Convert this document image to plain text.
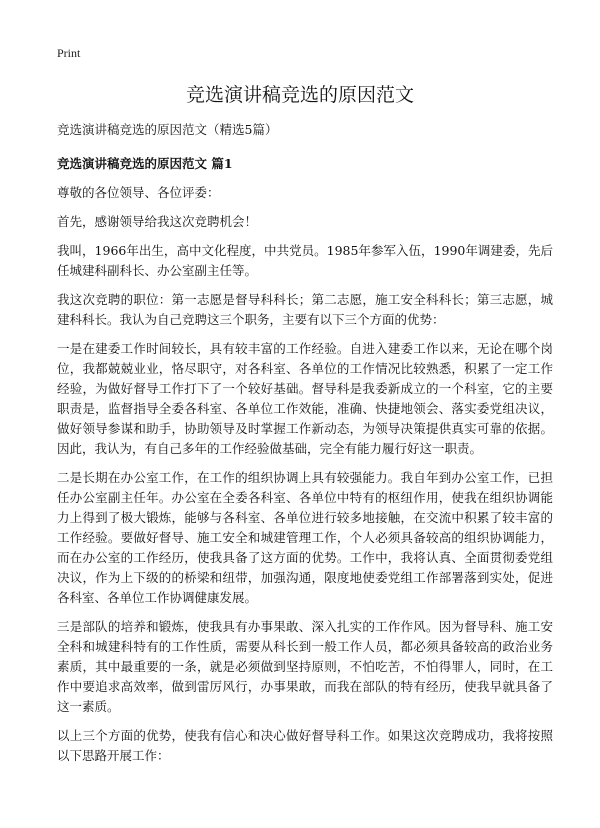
Print
竞选演讲稿竞选的原因范文

竞选演讲稿竞选的原因范文（精选5篇）

竞选演讲稿竞选的原因范文 篇1

尊敬的各位领导、各位评委：

首先，感谢领导给我这次竞聘机会！

我叫，1966年出生，高中文化程度，中共党员。1985年参军入伍，1990年调建委，先后任城建科副科长、办公室副主任等。

我这次竞聘的职位：第一志愿是督导科科长；第二志愿，施工安全科科长；第三志愿，城建科科长。我认为自己竞聘这三个职务，主要有以下三个方面的优势：

一是在建委工作时间较长，具有较丰富的工作经验。自进入建委工作以来，无论在哪个岗位，我都兢兢业业，恪尽职守，对各科室、各单位的工作情况比较熟悉，积累了一定工作经验，为做好督导工作打下了一个较好基础。督导科是我委新成立的一个科室，它的主要职责是，监督指导全委各科室、各单位工作效能，准确、快捷地领会、落实委党组决议，做好领导参谋和助手，协助领导及时掌握工作新动态，为领导决策提供真实可靠的依据。因此，我认为，有自己多年的工作经验做基础，完全有能力履行好这一职责。

二是长期在办公室工作，在工作的组织协调上具有较强能力。我自年到办公室工作，已担任办公室副主任年。办公室在全委各科室、各单位中特有的枢纽作用，使我在组织协调能力上得到了极大锻炼，能够与各科室、各单位进行较多地接触，在交流中积累了较丰富的工作经验。要做好督导、施工安全和城建管理工作，个人必须具备较高的组织协调能力，而在办公室的工作经历，使我具备了这方面的优势。工作中，我将认真、全面贯彻委党组决议，作为上下级的的桥梁和纽带，加强沟通，限度地使委党组工作部署落到实处，促进各科室、各单位工作协调健康发展。

三是部队的培养和锻炼，使我具有办事果敢、深入扎实的工作作风。因为督导科、施工安全科和城建科特有的工作性质，需要从科长到一般工作人员，都必须具备较高的政治业务素质，其中最重要的一条，就是必须做到坚持原则，不怕吃苦，不怕得罪人，同时，在工作中要追求高效率，做到雷厉风行，办事果敢，而我在部队的特有经历，使我早就具备了这一素质。

以上三个方面的优势，使我有信心和决心做好督导科工作。如果这次竞聘成功，我将按照以下思路开展工作：
